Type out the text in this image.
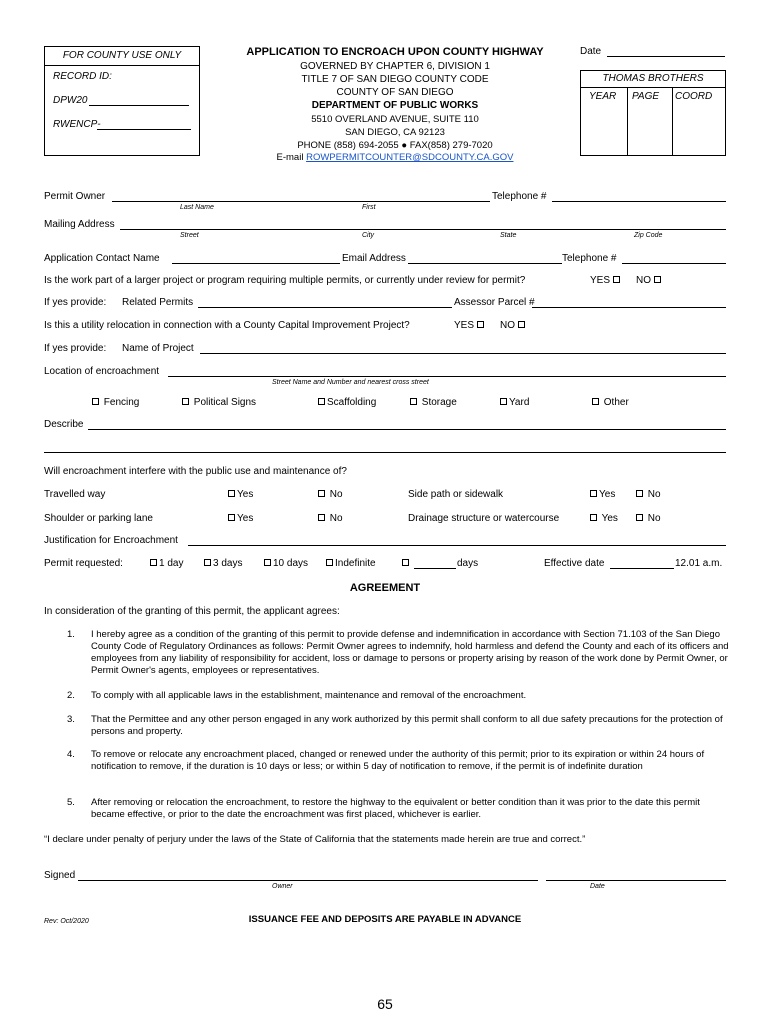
FOR COUNTY USE ONLY
RECORD ID:
DPW20
RWENCP-
APPLICATION TO ENCROACH UPON COUNTY HIGHWAY
GOVERNED BY CHAPTER 6, DIVISION 1
TITLE 7 OF SAN DIEGO COUNTY CODE
COUNTY OF SAN DIEGO
DEPARTMENT OF PUBLIC WORKS
5510 OVERLAND AVENUE, SUITE 110
SAN DIEGO, CA 92123
PHONE (858) 694-2055 ● FAX(858) 279-7020
E-mail ROWPERMITCOUNTER@SDCOUNTY.CA.GOV
Date
THOMAS BROTHERS
YEAR PAGE COORD
Permit Owner
Last Name	First
Telephone #
Mailing Address
Street	City	State	Zip Code
Application Contact Name	Email Address	Telephone #
Is the work part of a larger project or program requiring multiple permits, or currently under review for permit?	YES	NO
If yes provide: Related Permits	Assessor Parcel #
Is this a utility relocation in connection with a County Capital Improvement Project?	YES	NO
If yes provide: Name of Project
Location of encroachment
Street Name and Number and nearest cross street
Fencing	Political Signs	Scaffolding	Storage	Yard	Other
Describe
Will encroachment interfere with the public use and maintenance of?
Travelled way	Yes	No	Side path or sidewalk	Yes	No
Shoulder or parking lane	Yes	No	Drainage structure or watercourse	Yes	No
Justification for Encroachment
Permit requested:	1 day	3 days	10 days	Indefinite	days	Effective date	12.01 a.m.
AGREEMENT
In consideration of the granting of this permit, the applicant agrees:
1.	I hereby agree as a condition of the granting of this permit to provide defense and indemnification in accordance with Section 71.103 of the San Diego County Code of Regulatory Ordinances as follows: Permit Owner agrees to indemnify, hold harmless and defend the County and each of its officers and employees from any liability of responsibility for accident, loss or damage to persons or property arising by reason of the work done by Permit Owner, or Permit Owner's agents, employees or representatives.
2.	To comply with all applicable laws in the establishment, maintenance and removal of the encroachment.
3.	That the Permittee and any other person engaged in any work authorized by this permit shall conform to all due safety precautions for the protection of persons and property.
4.	To remove or relocate any encroachment placed, changed or renewed under the authority of this permit; prior to its expiration or within 24 hours of notification to remove, if the duration is 10 days or less; or within 5 day of notification to remove, if the permit is of indefinite duration
5.	After removing or relocation the encroachment, to restore the highway to the equivalent or better condition than it was prior to the date this permit became effective, or prior to the date the encroachment was first placed, whichever is earlier.
“I declare under penalty of perjury under the laws of the State of California that the statements made herein are true and correct.”
Signed
Owner	Date
Rev: Oct/2020	ISSUANCE FEE AND DEPOSITS ARE PAYABLE IN ADVANCE
65
